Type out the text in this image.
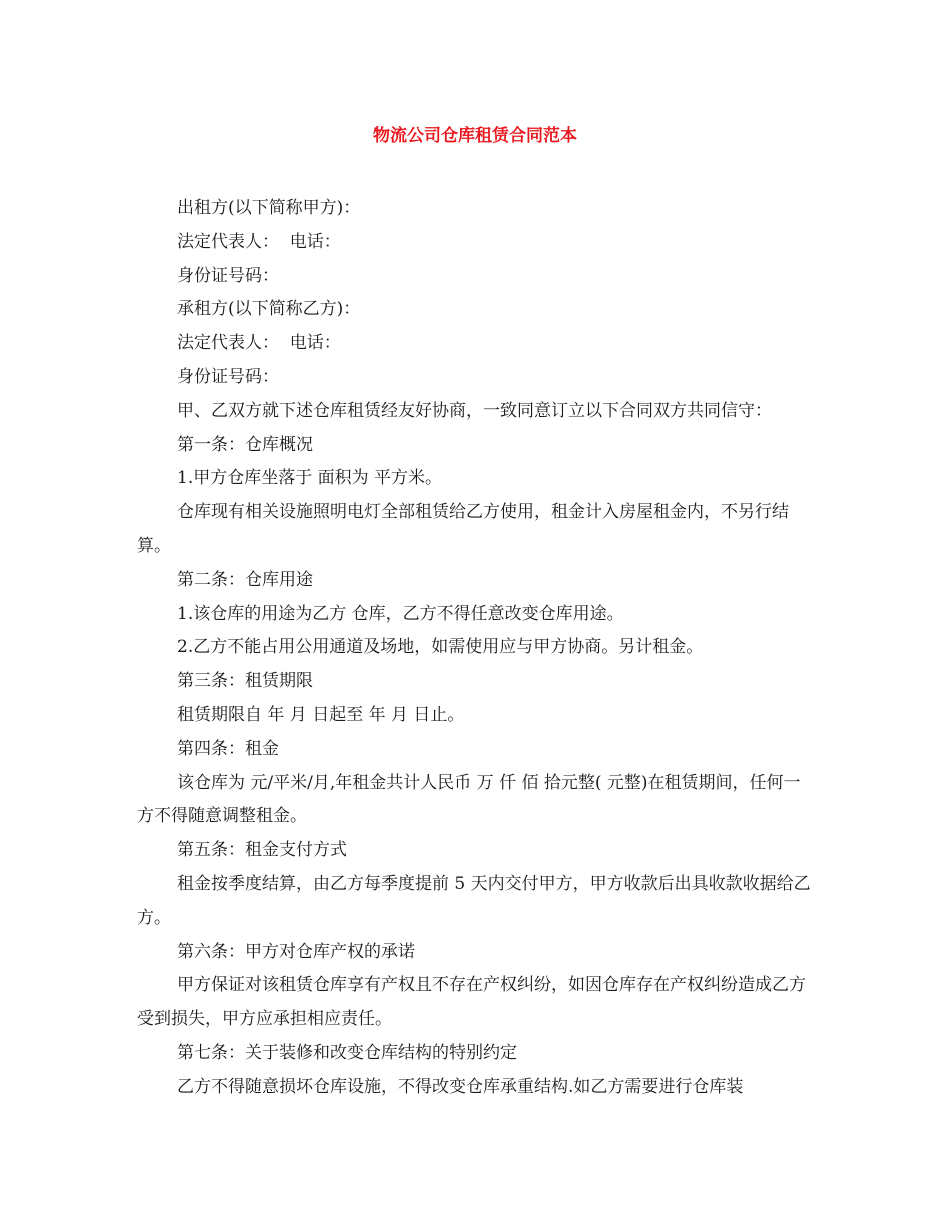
物流公司仓库租赁合同范本

出租方(以下简称甲方)：

法定代表人：  电话：

身份证号码：

承租方(以下简称乙方)：

法定代表人：  电话：

身份证号码：

甲、乙双方就下述仓库租赁经友好协商，一致同意订立以下合同双方共同信守：

第一条：仓库概况

1.甲方仓库坐落于 面积为 平方米。

仓库现有相关设施照明电灯全部租赁给乙方使用，租金计入房屋租金内，不另行结算。

第二条：仓库用途

1.该仓库的用途为乙方 仓库，乙方不得任意改变仓库用途。

2.乙方不能占用公用通道及场地，如需使用应与甲方协商。另计租金。

第三条：租赁期限

租赁期限自 年 月 日起至 年 月 日止。

第四条：租金

该仓库为 元/平米/月,年租金共计人民币 万 仟 佰 拾元整( 元整)在租赁期间，任何一方不得随意调整租金。

第五条：租金支付方式

租金按季度结算，由乙方每季度提前 5 天内交付甲方，甲方收款后出具收款收据给乙方。

第六条：甲方对仓库产权的承诺

甲方保证对该租赁仓库享有产权且不存在产权纠纷，如因仓库存在产权纠纷造成乙方受到损失，甲方应承担相应责任。

第七条：关于装修和改变仓库结构的特别约定

乙方不得随意损坏仓库设施，不得改变仓库承重结构.如乙方需要进行仓库装
